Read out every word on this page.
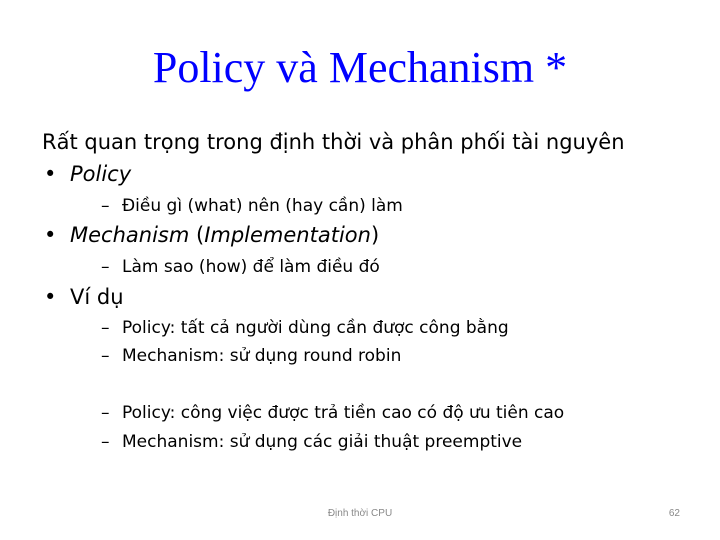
Policy và Mechanism *
Rất quan trọng trong định thời và phân phối tài nguyên
• Policy
– Điều gì (what) nên (hay cần) làm
• Mechanism (Implementation)
– Làm sao (how) để làm điều đó
• Ví dụ
– Policy: tất cả người dùng cần được công bằng
– Mechanism: sử dụng round robin
– Policy: công việc được trả tiền cao có độ ưu tiên cao
– Mechanism: sử dụng các giải thuật preemptive
Định thời CPU	62
